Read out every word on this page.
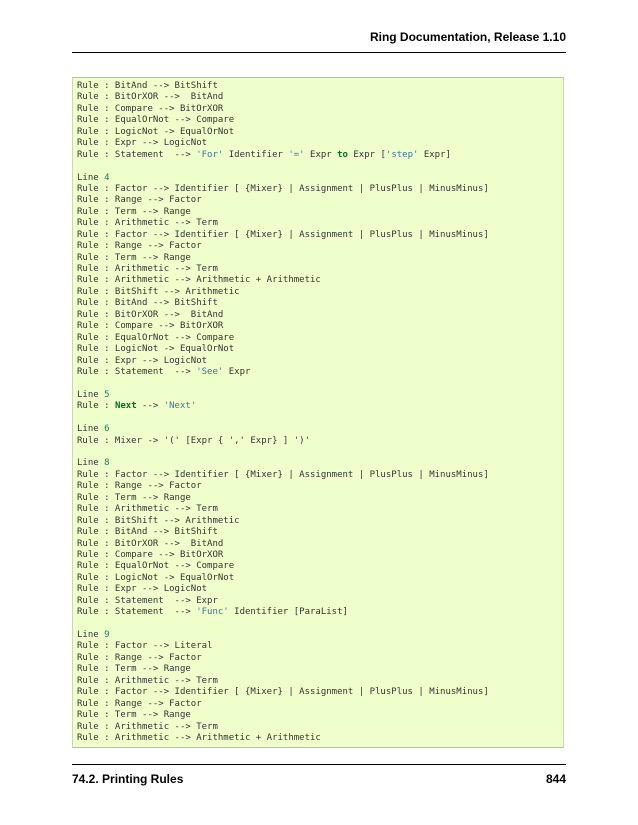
Ring Documentation, Release 1.10
Rule : BitAnd --> BitShift
Rule : BitOrXOR -->  BitAnd
Rule : Compare --> BitOrXOR
Rule : EqualOrNot --> Compare
Rule : LogicNot -> EqualOrNot
Rule : Expr --> LogicNot
Rule : Statement  --> 'For' Identifier '=' Expr to Expr ['step' Expr]

Line 4
Rule : Factor --> Identifier [ {Mixer} | Assignment | PlusPlus | MinusMinus]
Rule : Range --> Factor
Rule : Term --> Range
Rule : Arithmetic --> Term
Rule : Factor --> Identifier [ {Mixer} | Assignment | PlusPlus | MinusMinus]
Rule : Range --> Factor
Rule : Term --> Range
Rule : Arithmetic --> Term
Rule : Arithmetic --> Arithmetic + Arithmetic
Rule : BitShift --> Arithmetic
Rule : BitAnd --> BitShift
Rule : BitOrXOR -->  BitAnd
Rule : Compare --> BitOrXOR
Rule : EqualOrNot --> Compare
Rule : LogicNot -> EqualOrNot
Rule : Expr --> LogicNot
Rule : Statement  --> 'See' Expr

Line 5
Rule : Next --> 'Next'

Line 6
Rule : Mixer -> '(' [Expr { ',' Expr} ] ')'

Line 8
Rule : Factor --> Identifier [ {Mixer} | Assignment | PlusPlus | MinusMinus]
Rule : Range --> Factor
Rule : Term --> Range
Rule : Arithmetic --> Term
Rule : BitShift --> Arithmetic
Rule : BitAnd --> BitShift
Rule : BitOrXOR -->  BitAnd
Rule : Compare --> BitOrXOR
Rule : EqualOrNot --> Compare
Rule : LogicNot -> EqualOrNot
Rule : Expr --> LogicNot
Rule : Statement  --> Expr
Rule : Statement  --> 'Func' Identifier [ParaList]

Line 9
Rule : Factor --> Literal
Rule : Range --> Factor
Rule : Term --> Range
Rule : Arithmetic --> Term
Rule : Factor --> Identifier [ {Mixer} | Assignment | PlusPlus | MinusMinus]
Rule : Range --> Factor
Rule : Term --> Range
Rule : Arithmetic --> Term
Rule : Arithmetic --> Arithmetic + Arithmetic
74.2. Printing Rules	844
